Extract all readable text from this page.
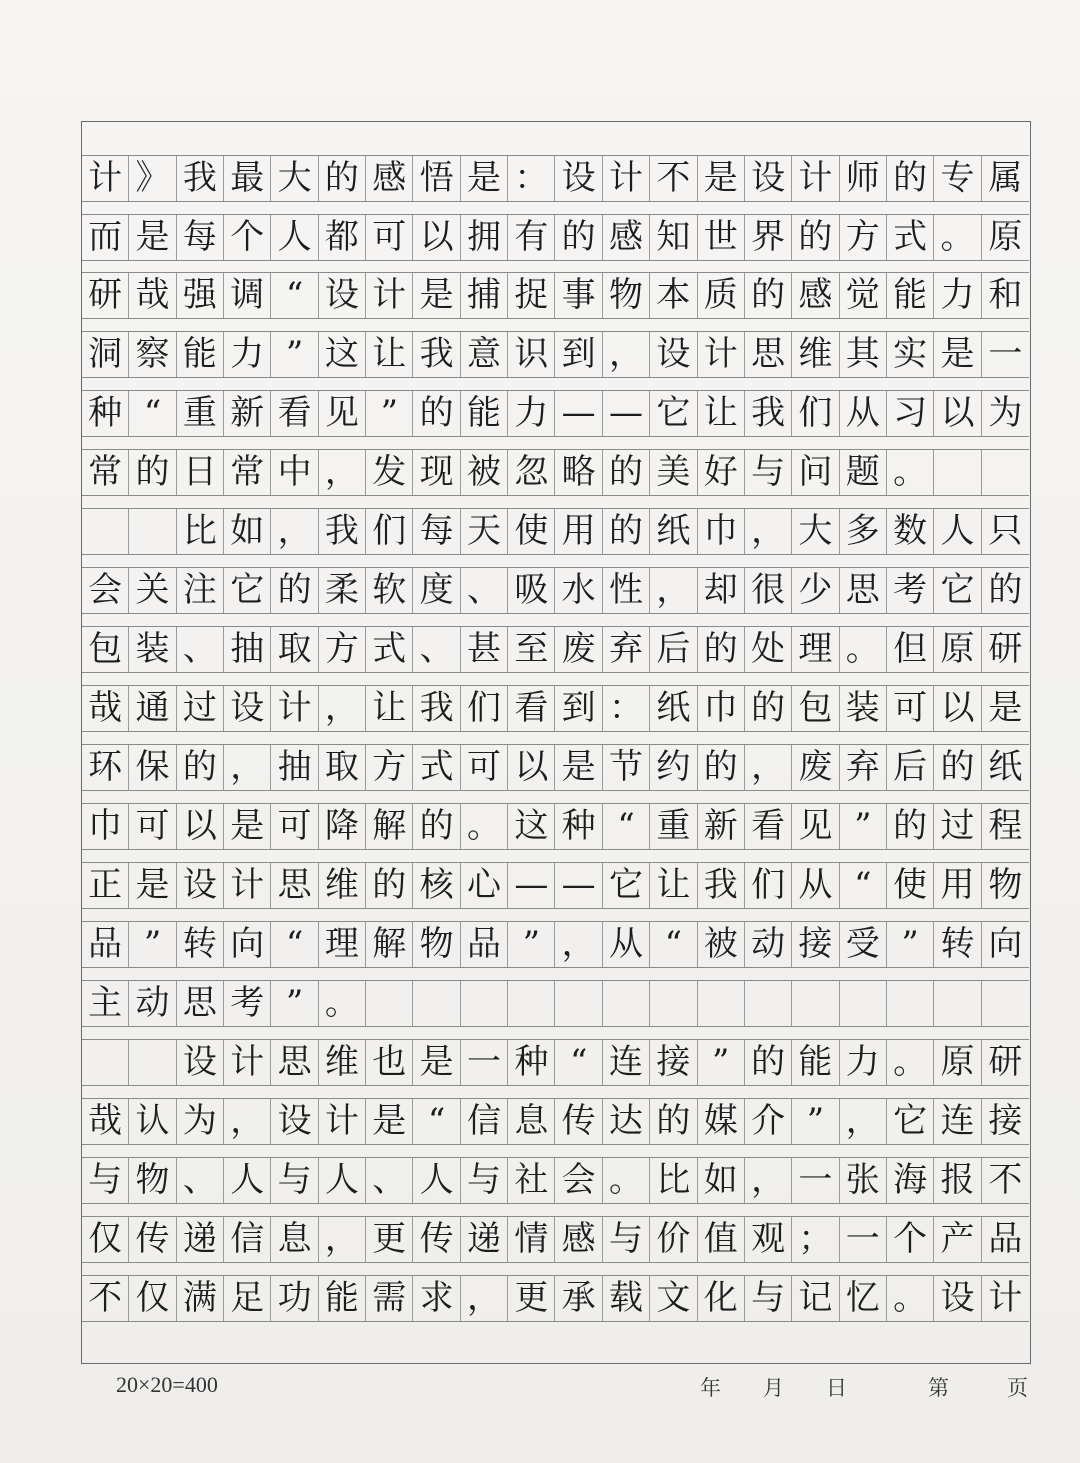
计 》 我 最 大 的 感 悟 是 ： 设 计 不 是 设 计 师 的 专 属
而 是 每 个 人 都 可 以 拥 有 的 感 知 世 界 的 方 式 。 原
研 哉 强 调 “ 设 计 是 捕 捉 事 物 本 质 的 感 觉 能 力 和
洞 察 能 力 ” 这 让 我 意 识 到 ， 设 计 思 维 其 实 是 一
种 “ 重 新 看 见 ” 的 能 力 — — 它 让 我 们 从 习 以 为
常 的 日 常 中 ， 发 现 被 忽 略 的 美 好 与 问 题 。
比 如 ， 我 们 每 天 使 用 的 纸 巾 ， 大 多 数 人 只
会 关 注 它 的 柔 软 度 、 吸 水 性 ， 却 很 少 思 考 它 的
包 装 、 抽 取 方 式 、 甚 至 废 弃 后 的 处 理 。 但 原 研
哉 通 过 设 计 ， 让 我 们 看 到 ： 纸 巾 的 包 装 可 以 是
环 保 的 ， 抽 取 方 式 可 以 是 节 约 的 ， 废 弃 后 的 纸
巾 可 以 是 可 降 解 的 。 这 种 “ 重 新 看 见 ” 的 过 程
正 是 设 计 思 维 的 核 心 — — 它 让 我 们 从 “ 使 用 物
品 ” 转 向 “ 理 解 物 品 ” ， 从 “ 被 动 接 受 ” 转 向
主 动 思 考 ” 。
设 计 思 维 也 是 一 种 “ 连 接 ” 的 能 力 。 原 研
哉 认 为 ， 设 计 是 “ 信 息 传 达 的 媒 介 ” ， 它 连 接
与 物 、 人 与 人 、 人 与 社 会 。 比 如 ， 一 张 海 报 不
仅 传 递 信 息 ， 更 传 递 情 感 与 价 值 观 ； 一 个 产 品
不 仅 满 足 功 能 需 求 ， 更 承 载 文 化 与 记 忆 。 设 计
20×20=400	年 月 日	第	页
